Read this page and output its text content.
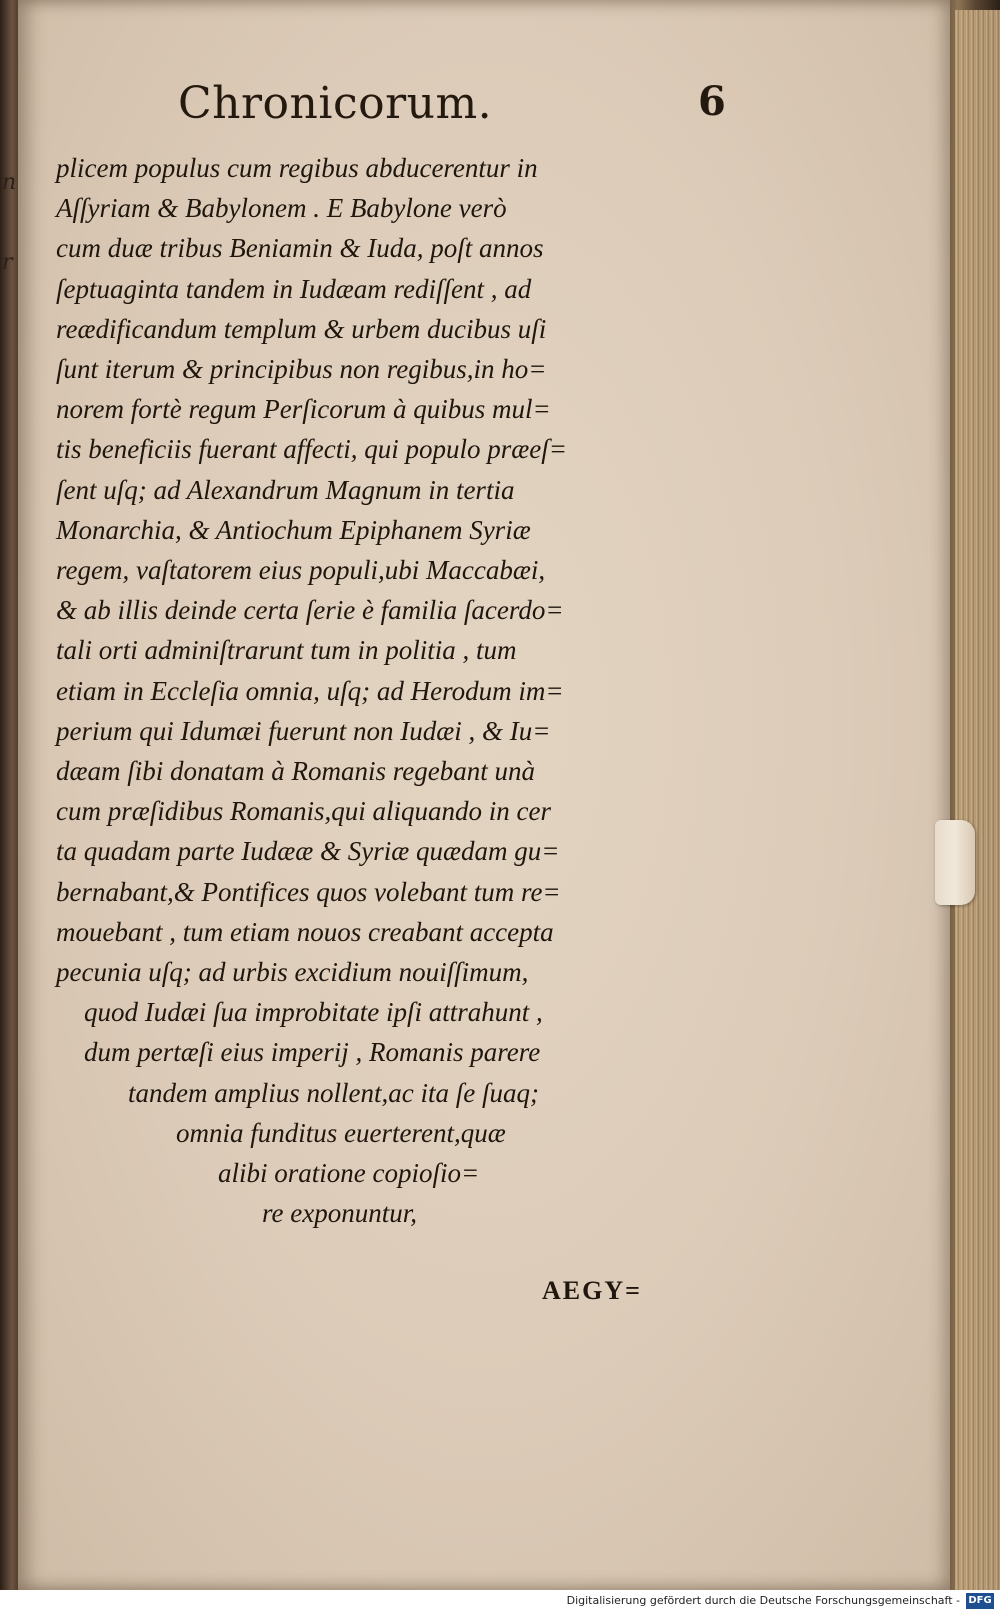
Chronicorum.	6
plicem populus cum regibus abducerentur in
Aſſyriam & Babylonem . E Babylone verò
cum duæ tribus Beniamin & Iuda, poſt annos
ſeptuaginta tandem in Iudæam rediſſent , ad
reædificandum templum & urbem ducibus uſi
ſunt iterum & principibus non regibus,in ho=
norem fortè regum Perſicorum à quibus mul=
tis beneficiis fuerant affecti, qui populo præeſ=
ſent uſq; ad Alexandrum Magnum in tertia
Monarchia, & Antiochum Epiphanem Syriæ
regem, vaſtatorem eius populi,ubi Maccabæi,
& ab illis deinde certa ſerie è familia ſacerdo=
tali orti adminiſtrarunt tum in politia , tum
etiam in Eccleſia omnia, uſq; ad Herodum im=
perium qui Idumæi fuerunt non Iudæi , & Iu=
dæam ſibi donatam à Romanis regebant unà
cum præſidibus Romanis,qui aliquando in cer
ta quadam parte Iudææ & Syriæ quædam gu=
bernabant,& Pontifices quos volebant tum re=
mouebant , tum etiam nouos creabant accepta
pecunia uſq; ad urbis excidium nouiſſimum,
quod Iudæi ſua improbitate ipſi attrahunt ,
dum pertæſi eius imperij , Romanis parere
tandem amplius nollent,ac ita ſe ſuaq;
omnia funditus euerterent,quæ
alibi oratione copioſio=
re exponuntur,
AEGY=
n
r
Digitalisierung gefördert durch die Deutsche Forschungsgemeinschaft - DFG
